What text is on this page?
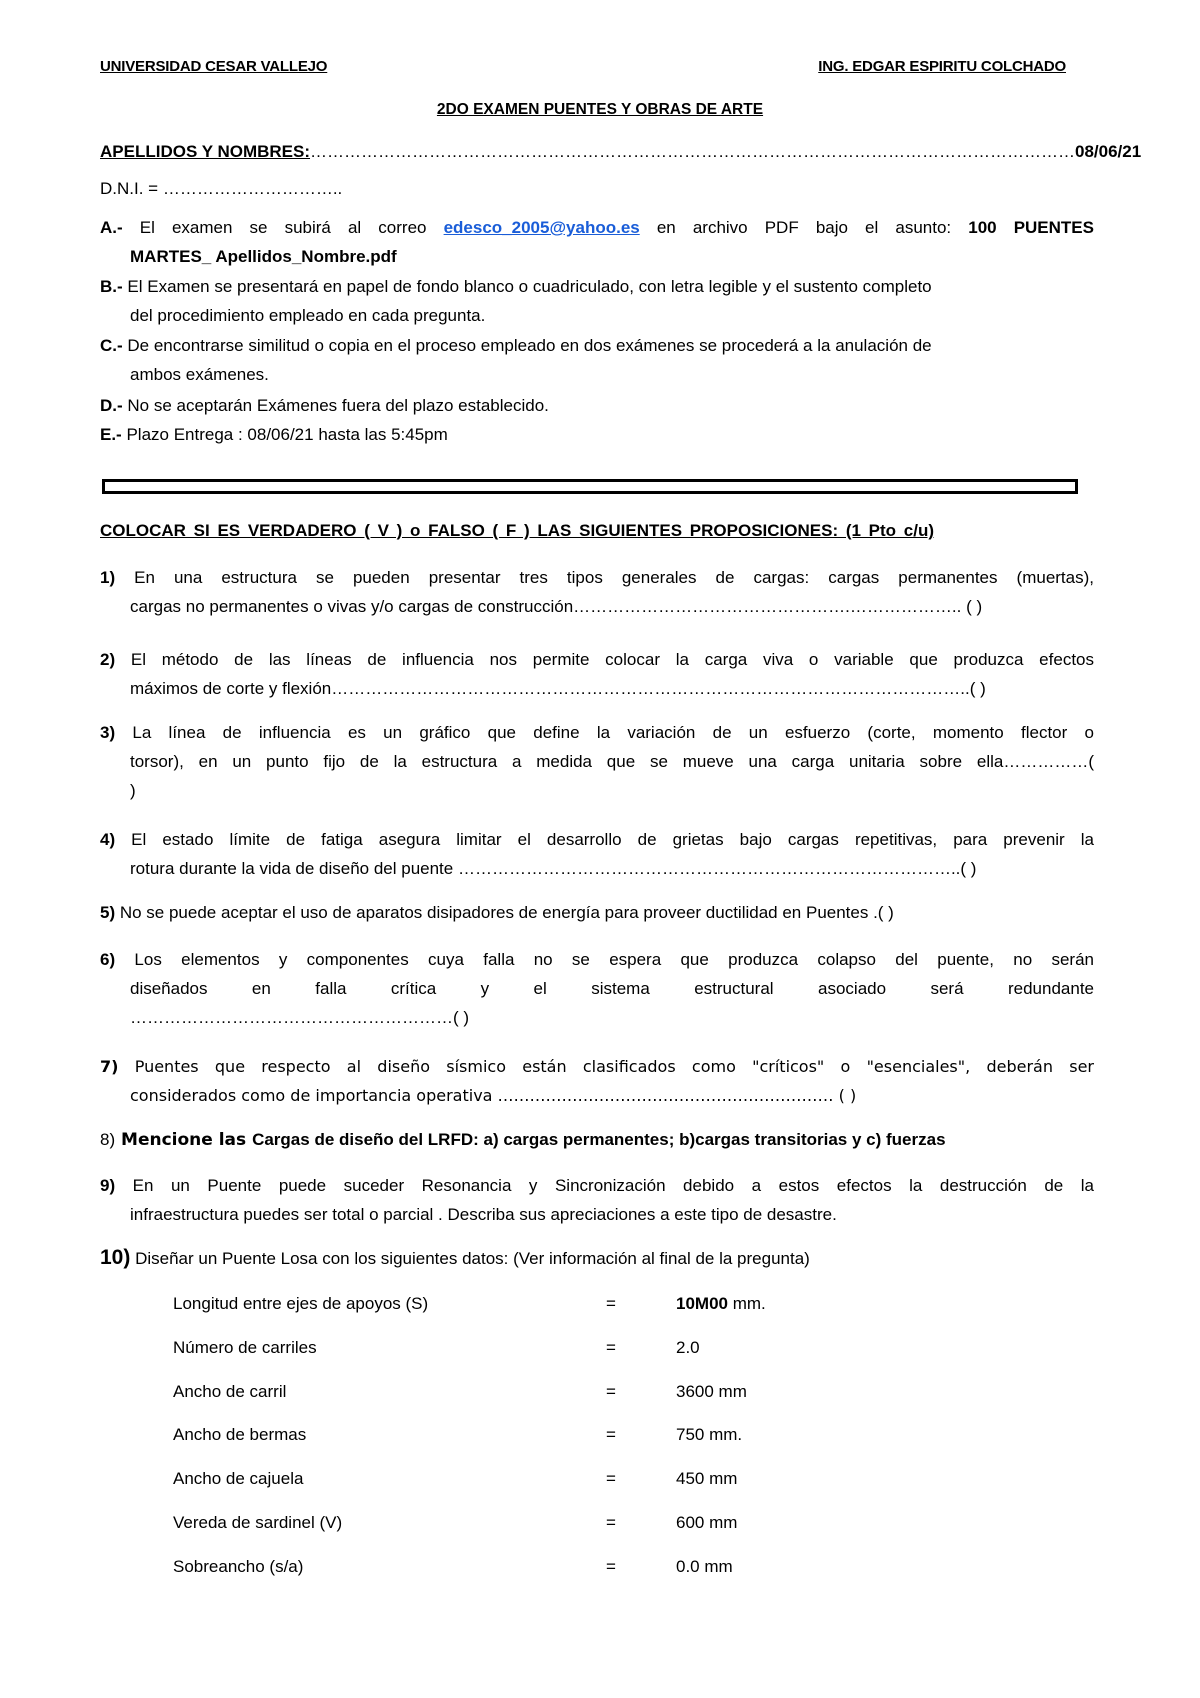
UNIVERSIDAD CESAR VALLEJO	ING. EDGAR ESPIRITU COLCHADO
2DO EXAMEN PUENTES Y OBRAS DE ARTE
APELLIDOS Y NOMBRES:………………………………………………………………………………………………………………………08/06/21
D.N.I. = …………………………..
A.- El examen se subirá al correo edesco_2005@yahoo.es en archivo PDF bajo el asunto: 100 PUENTES
MARTES_ Apellidos_Nombre.pdf
B.- El Examen se presentará en papel de fondo blanco o cuadriculado, con letra legible y el sustento completo
del procedimiento empleado en cada pregunta.
C.- De encontrarse similitud o copia en el proceso empleado en dos exámenes se procederá a la anulación de
ambos exámenes.
D.- No se aceptarán Exámenes fuera del plazo establecido.
E.- Plazo Entrega : 08/06/21 hasta las 5:45pm
COLOCAR SI ES VERDADERO ( V ) o FALSO ( F ) LAS SIGUIENTES PROPOSICIONES: (1 Pto c/u)
1) En una estructura se pueden presentar tres tipos generales de cargas: cargas permanentes (muertas),
cargas no permanentes o vivas y/o cargas de construcción………………………………………….……………….. ( )
2) El método de las líneas de influencia nos permite colocar la carga viva o variable que produzca efectos
máximos de corte y flexión…………………………………………………………………………………………………..( )
3) La línea de influencia es un gráfico que define la variación de un esfuerzo (corte, momento flector o
torsor), en un punto fijo de la estructura a medida que se mueve una carga unitaria sobre ella……………(
)
4) El estado límite de fatiga asegura limitar el desarrollo de grietas bajo cargas repetitivas, para prevenir la
rotura durante la vida de diseño del puente ……………………………………………………………………………..( )
5) No se puede aceptar el uso de aparatos disipadores de energía para proveer ductilidad en Puentes .( )
6) Los elementos y componentes cuya falla no se espera que produzca colapso del puente, no serán
diseñados en falla crítica y el sistema estructural asociado será redundante
…………………………………………………( )
7) Puentes que respecto al diseño sísmico están clasificados como "críticos" o "esenciales", deberán ser
considerados como de importancia operativa ……………………………………………………… ( )
8) Mencione las Cargas de diseño del LRFD: a) cargas permanentes; b)cargas transitorias y c) fuerzas
9) En un Puente puede suceder Resonancia y Sincronización debido a estos efectos la destrucción de la
infraestructura puedes ser total o parcial . Describa sus apreciaciones a este tipo de desastre.
10) Diseñar un Puente Losa con los siguientes datos: (Ver información al final de la pregunta)
Longitud entre ejes de apoyos (S)	=	10M00 mm.
Número de carriles	=	2.0
Ancho de carril	=	3600 mm
Ancho de bermas	=	750 mm.
Ancho de cajuela	=	450 mm
Vereda de sardinel (V)	=	600 mm
Sobreancho (s/a)	=	0.0 mm
